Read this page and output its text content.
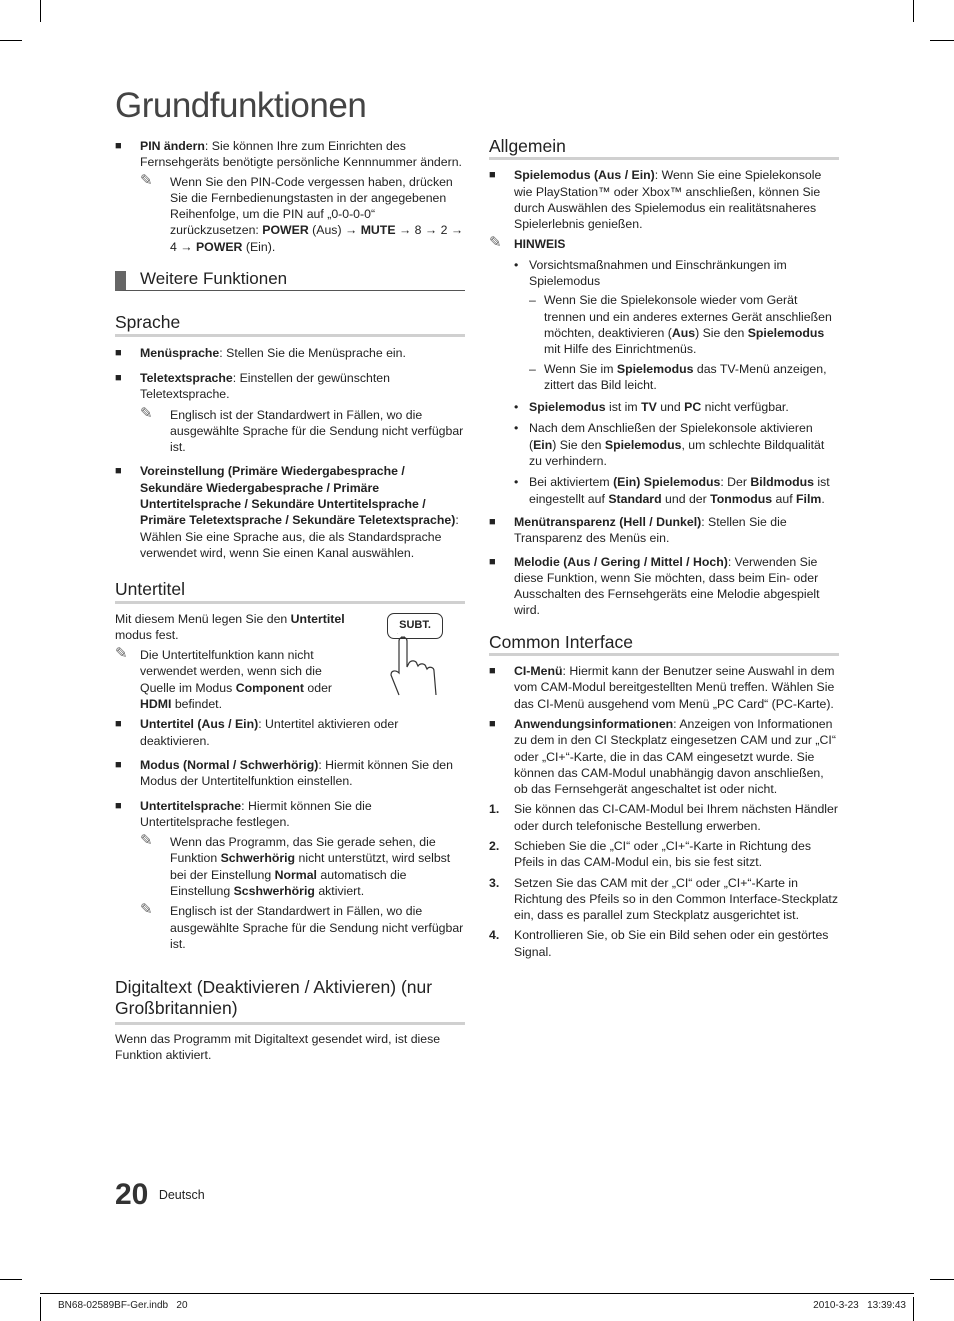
Grundfunktionen
■ PIN ändern: Sie können Ihre zum Einrichten des Fernsehgeräts benötigte persönliche Kennnummer ändern.
✎ Wenn Sie den PIN-Code vergessen haben, drücken Sie die Fernbedienungstasten in der angegebenen Reihenfolge, um die PIN auf „0-0-0-0“ zurückzusetzen: POWER (Aus) → MUTE → 8 → 2 → 4 → POWER (Ein).
Weitere Funktionen
Sprache
■ Menüsprache: Stellen Sie die Menüsprache ein.
■ Teletextsprache: Einstellen der gewünschten Teletextsprache.
✎ Englisch ist der Standardwert in Fällen, wo die ausgewählte Sprache für die Sendung nicht verfügbar ist.
■ Voreinstellung (Primäre Wiedergabesprache / Sekundäre Wiedergabesprache / Primäre Untertitelsprache / Sekundäre Untertitelsprache / Primäre Teletextsprache / Sekundäre Teletextsprache): Wählen Sie eine Sprache aus, die als Standardsprache verwendet wird, wenn Sie einen Kanal auswählen.
Untertitel
Mit diesem Menü legen Sie den Untertitel modus fest.
✎ Die Untertitelfunktion kann nicht verwendet werden, wenn sich die Quelle im Modus Component oder HDMI befindet.
SUBT.
■ Untertitel (Aus / Ein): Untertitel aktivieren oder deaktivieren.
■ Modus (Normal / Schwerhörig): Hiermit können Sie den Modus der Untertitelfunktion einstellen.
■ Untertitelsprache: Hiermit können Sie die Untertitelsprache festlegen.
✎ Wenn das Programm, das Sie gerade sehen, die Funktion Schwerhörig nicht unterstützt, wird selbst bei der Einstellung Normal automatisch die Einstellung Scshwerhörig aktiviert.
✎ Englisch ist der Standardwert in Fällen, wo die ausgewählte Sprache für die Sendung nicht verfügbar ist.
Digitaltext (Deaktivieren / Aktivieren) (nur Großbritannien)
Wenn das Programm mit Digitaltext gesendet wird, ist diese Funktion aktiviert.
Allgemein
■ Spielemodus (Aus / Ein): Wenn Sie eine Spielekonsole wie PlayStation™ oder Xbox™ anschließen, können Sie durch Auswählen des Spielemodus ein realitätsnaheres Spielerlebnis genießen.
✎ HINWEIS
• Vorsichtsmaßnahmen und Einschränkungen im Spielemodus
– Wenn Sie die Spielekonsole wieder vom Gerät trennen und ein anderes externes Gerät anschließen möchten, deaktivieren (Aus) Sie den Spielemodus mit Hilfe des Einrichtmenüs.
– Wenn Sie im Spielemodus das TV-Menü anzeigen, zittert das Bild leicht.
• Spielemodus ist im TV und PC nicht verfügbar.
• Nach dem Anschließen der Spielekonsole aktivieren (Ein) Sie den Spielemodus, um schlechte Bildqualität zu verhindern.
• Bei aktiviertem (Ein) Spielemodus: Der Bildmodus ist eingestellt auf Standard und der Tonmodus auf Film.
■ Menütransparenz (Hell / Dunkel): Stellen Sie die Transparenz des Menüs ein.
■ Melodie (Aus / Gering / Mittel / Hoch): Verwenden Sie diese Funktion, wenn Sie möchten, dass beim Ein- oder Ausschalten des Fernsehgeräts eine Melodie abgespielt wird.
Common Interface
■ CI-Menü: Hiermit kann der Benutzer seine Auswahl in dem vom CAM-Modul bereitgestellten Menü treffen. Wählen Sie das CI-Menü ausgehend vom Menü „PC Card“ (PC-Karte).
■ Anwendungsinformationen: Anzeigen von Informationen zu dem in den CI Steckplatz eingesetzen CAM und zur „CI“ oder „CI+“-Karte, die in das CAM eingesetzt wurde. Sie können das CAM-Modul unabhängig davon anschließen, ob das Fernsehgerät angeschaltet ist oder nicht.
1. Sie können das CI-CAM-Modul bei Ihrem nächsten Händler oder durch telefonische Bestellung erwerben.
2. Schieben Sie die „CI“ oder „CI+“-Karte in Richtung des Pfeils in das CAM-Modul ein, bis sie fest sitzt.
3. Setzen Sie das CAM mit der „CI“ oder „CI+“-Karte in Richtung des Pfeils so in den Common Interface-Steckplatz ein, dass es parallel zum Steckplatz ausgerichtet ist.
4. Kontrollieren Sie, ob Sie ein Bild sehen oder ein gestörtes Signal.
20 Deutsch
BN68-02589BF-Ger.indb   20	2010-3-23   13:39:43
